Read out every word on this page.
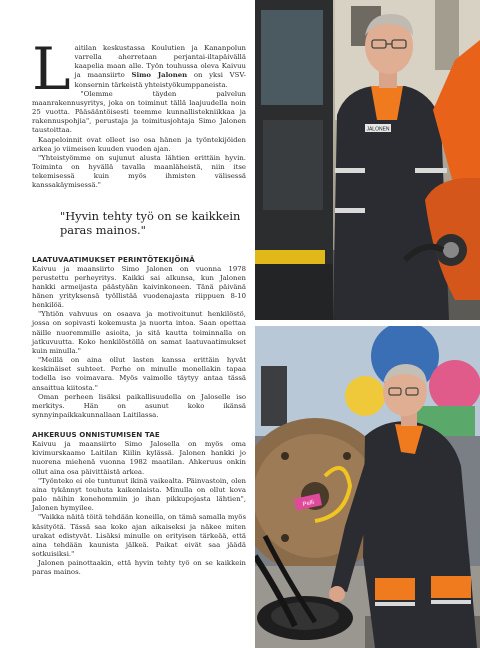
L aitilan keskustassa Koulutien ja Kananpolun varrella aherretaan perjantai-iltapäivällä kaapelia maan alle. Työn touhussa oleva Kaivuu ja maansiirto Simo Jalonen on yksi VSV-konsernin tärkeistä yhteistyökumppaneista.

"Olemme täyden palvelun maanrakennusyritys, joka on toiminut tällä laajuudella noin 25 vuotta. Pääsääntöisesti teemme kunnallistekniikkaa ja rakennuspohjia", perustaja ja toimitusjohtaja Simo Jalonen taustoittaa.

Kaapeloinnit ovat olleet iso osa hänen ja työntekijöiden arkea jo viimeisen kuuden vuoden ajan.

"Yhteistyömme on sujunut alusta lähtien erittäin hyvin. Toiminta on hyvällä tavalla maanläheistä, niin itse tekemisessä kuin myös ihmisten välisessä kanssakäymisessä."

"Hyvin tehty työ on se kaikkein paras mainos."
LAATUVAATIMUKSET PERINTÖTEKIJÖINÄ

Kaivuu ja maansiirto Simo Jalonen on vuonna 1978 perustettu perheyritys. Kaikki sai alkunsa, kun Jalonen hankki armeijasta päästyään kaivinkoneen. Tänä päivänä hänen yrityksensä työllistää vuodenajasta riippuen 8-10 henkilöä.

"Yhtiön vahvuus on osaava ja motivoitunut henkilöstö, jossa on sopivasti kokemusta ja nuorta intoa. Saan opettaa näille nuoremmille asioita, ja sitä kautta toiminnalla on jatkuvuutta. Koko henkilöstöllä on samat laatuvaatimukset kuin minulla."

"Meillä on aina ollut lasten kanssa erittäin hyvät keskinäiset suhteet. Perhe on minulle monellakin tapaa todella iso voimavara. Myös vaimolle täytyy antaa tässä ansaittua kiitosta."

Oman perheen lisäksi paikallisuudella on Jaloselle iso merkitys. Hän on asunut koko ikänsä synnyinpaikkakunnallaan Laitilassa.

AHKERUUS ONNISTUMISEN TAE

Kaivuu ja maansiirto Simo Jalosella on myös oma kivimurskaamo Laitilan Kiilin kylässä. Jalonen hankki jo nuorena miehenä vuonna 1982 maatilan. Ahkeruus onkin ollut aina osa päivittäistä arkea.

"Työnteko ei ole tuntunut ikinä vaikealta. Päinvastoin, olen aina tykännyt touhuta kaikenlaista. Minulla on ollut kova palo näihin konehommiin jo ihan pikkupojasta lähtien", Jalonen hymyilee.

"Vaikka näitä töitä tehdään koneilla, on tämä samalla myös käsityötä. Tässä saa koko ajan aikaiseksi ja näkee miten urakat edistyvät. Lisäksi minulle on erityisen tärkeää, että aina tehdään kaunista jälkeä. Paikat eivät saa jäädä sotkuisiksi."

Jalonen painottaakin, että hyvin tehty työ on se kaikkein paras mainos.

JALONEN
Pelli
